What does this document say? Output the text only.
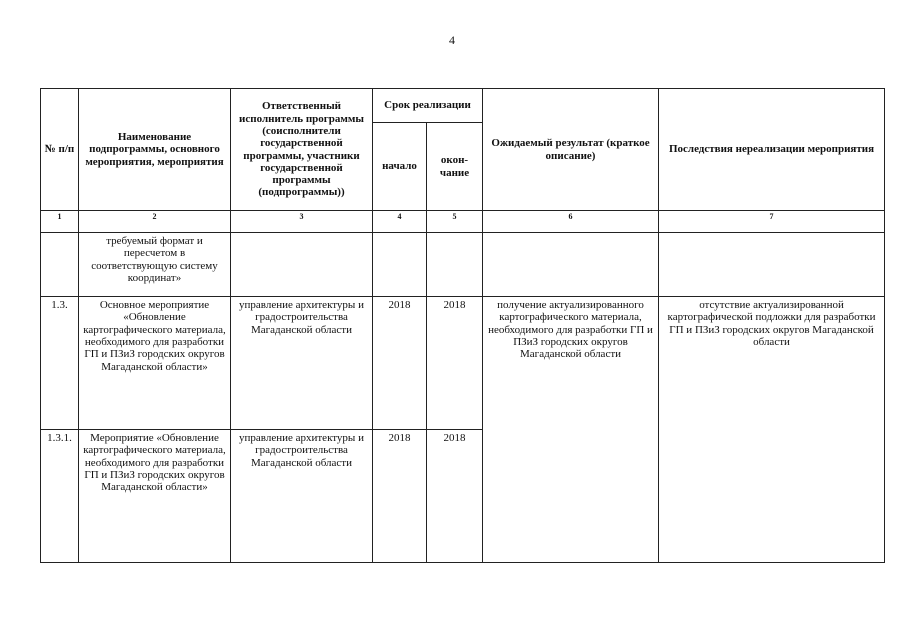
4
№ п/п	Наименование подпрограммы, основного мероприятия, мероприятия	Ответственный исполнитель программы (соисполнители государственной программы, участники государственной программы (подпрограммы))	Срок реализации		Ожидаемый результат (краткое описание)	Последствия нереализации мероприятия
			начало	окон-чание		
1	2	3	4	5	6	7
	требуемый формат и пересчетом в соответствующую систему координат»					
1.3.	Основное мероприятие «Обновление картографического материала, необходимого для разработки ГП и ПЗиЗ городских округов Магаданской области»	управление архитектуры и градостроительства Магаданской области	2018	2018	получение актуализированного картографического материала, необходимого для разработки ГП и ПЗиЗ городских округов Магаданской области	отсутствие актуализированной картографической подложки для разработки ГП и ПЗиЗ городских округов Магаданской области
1.3.1.	Мероприятие «Обновление картографического материала, необходимого для разработки ГП и ПЗиЗ городских округов Магаданской области»	управление архитектуры и градостроительства Магаданской области	2018	2018		
